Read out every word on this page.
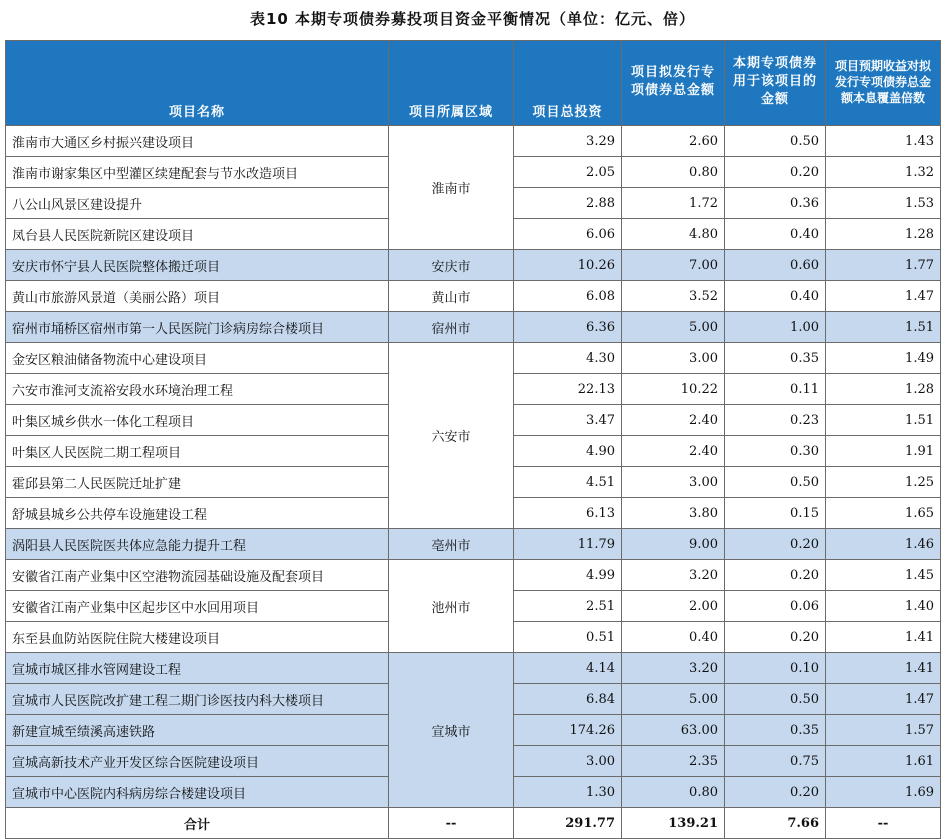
表10 本期专项债券募投项目资金平衡情况（单位：亿元、倍）
项目名称	项目所属区域	项目总投资	项目拟发行专项债券总金额	本期专项债券用于该项目的金额	项目预期收益对拟发行专项债券总金额本息覆盖倍数
淮南市大通区乡村振兴建设项目	淮南市	3.29	2.60	0.50	1.43
淮南市谢家集区中型灌区续建配套与节水改造项目		2.05	0.80	0.20	1.32
八公山风景区建设提升		2.88	1.72	0.36	1.53
凤台县人民医院新院区建设项目		6.06	4.80	0.40	1.28
安庆市怀宁县人民医院整体搬迁项目	安庆市	10.26	7.00	0.60	1.77
黄山市旅游风景道（美丽公路）项目	黄山市	6.08	3.52	0.40	1.47
宿州市埇桥区宿州市第一人民医院门诊病房综合楼项目	宿州市	6.36	5.00	1.00	1.51
金安区粮油储备物流中心建设项目	六安市	4.30	3.00	0.35	1.49
六安市淮河支流裕安段水环境治理工程		22.13	10.22	0.11	1.28
叶集区城乡供水一体化工程项目		3.47	2.40	0.23	1.51
叶集区人民医院二期工程项目		4.90	2.40	0.30	1.91
霍邱县第二人民医院迁址扩建		4.51	3.00	0.50	1.25
舒城县城乡公共停车设施建设工程		6.13	3.80	0.15	1.65
涡阳县人民医院医共体应急能力提升工程	亳州市	11.79	9.00	0.20	1.46
安徽省江南产业集中区空港物流园基础设施及配套项目	池州市	4.99	3.20	0.20	1.45
安徽省江南产业集中区起步区中水回用项目		2.51	2.00	0.06	1.40
东至县血防站医院住院大楼建设项目		0.51	0.40	0.20	1.41
宣城市城区排水管网建设工程	宣城市	4.14	3.20	0.10	1.41
宣城市人民医院改扩建工程二期门诊医技内科大楼项目		6.84	5.00	0.50	1.47
新建宣城至绩溪高速铁路		174.26	63.00	0.35	1.57
宣城高新技术产业开发区综合医院建设项目		3.00	2.35	0.75	1.61
宣城市中心医院内科病房综合楼建设项目		1.30	0.80	0.20	1.69
合计	--	291.77	139.21	7.66	--
